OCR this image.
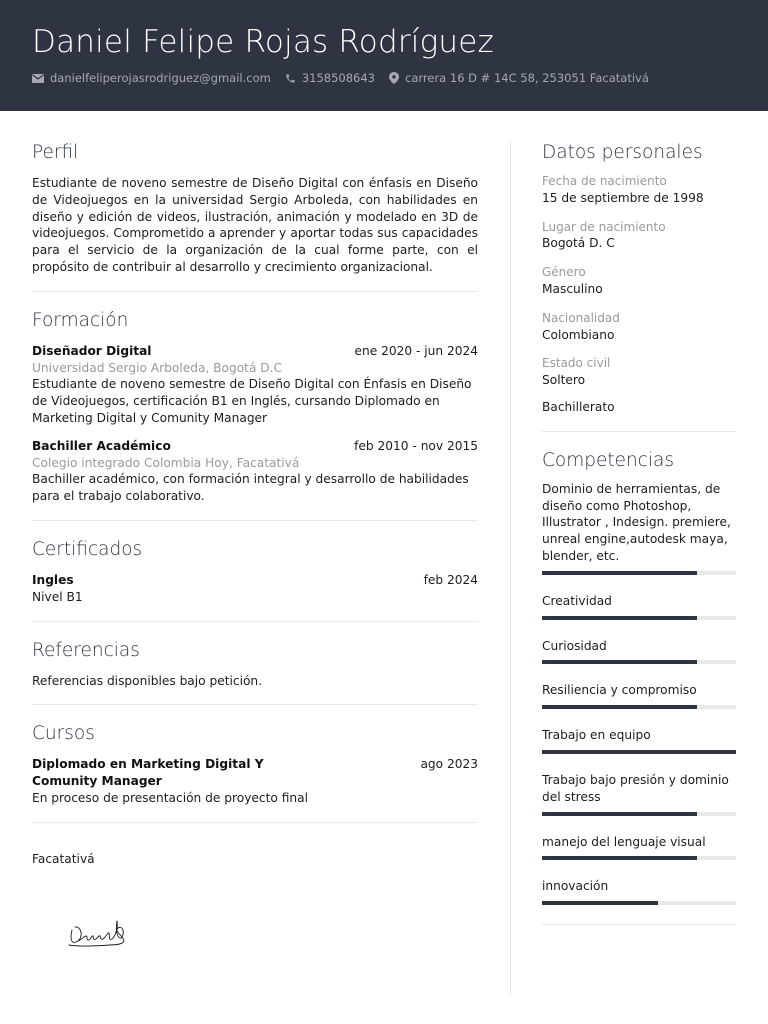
Daniel Felipe Rojas Rodríguez
danielfeliperojasrodriguez@gmail.com	3158508643	carrera 16 D # 14C 58, 253051 Facatativá
Perfil
Estudiante de noveno semestre de Diseño Digital con énfasis en Diseño de Videojuegos en la universidad Sergio Arboleda, con habilidades en diseño y edición de videos, ilustración, animación y modelado en 3D de videojuegos. Comprometido a aprender y aportar todas sus capacidades para el servicio de la organización de la cual forme parte, con el propósito de contribuir al desarrollo y crecimiento organizacional.
Formación
Diseñador Digital	ene 2020 - jun 2024
Universidad Sergio Arboleda, Bogotá D.C
Estudiante de noveno semestre de Diseño Digital con Énfasis en Diseño de Videojuegos, certificación B1 en Inglés, cursando Diplomado en Marketing Digital y Comunity Manager
Bachiller Académico	feb 2010 - nov 2015
Colegio integrado Colombia Hoy, Facatativá
Bachiller académico, con formación integral y desarrollo de habilidades para el trabajo colaborativo.
Certificados
Ingles	feb 2024
Nivel B1
Referencias
Referencias disponibles bajo petición.
Cursos
Diplomado en Marketing Digital Y Comunity Manager
ago 2023
En proceso de presentación de proyecto final
Facatativá
Datos personales
Fecha de nacimiento
15 de septiembre de 1998
Lugar de nacimiento
Bogotá D. C
Género
Masculino
Nacionalidad
Colombiano
Estado civil
Soltero
Bachillerato
Competencias
Dominio de herramientas, de diseño como Photoshop, Illustrator , Indesign. premiere, unreal engine,autodesk maya, blender, etc.
Creatividad
Curiosidad
Resiliencia y compromiso
Trabajo en equipo
Trabajo bajo presión y dominio del stress
manejo del lenguaje visual
innovación
